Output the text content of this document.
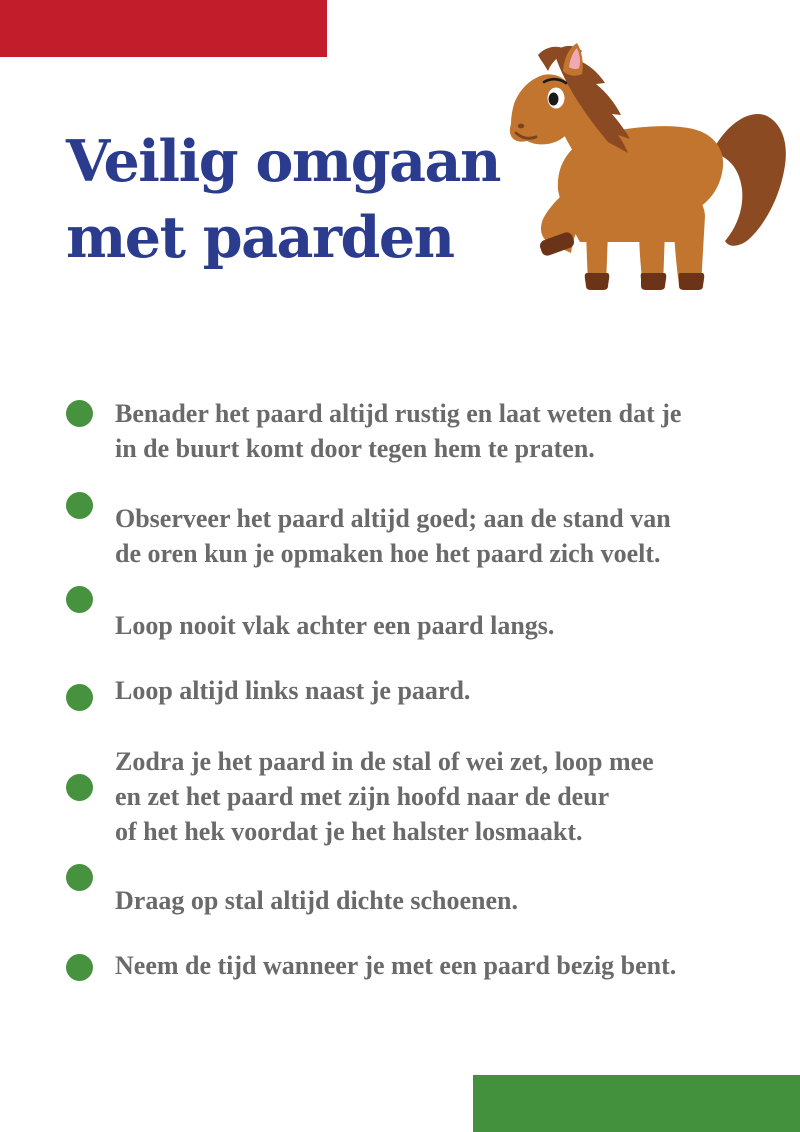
Veilig omgaan
met paarden
Benader het paard altijd rustig en laat weten dat je
in de buurt komt door tegen hem te praten.
Observeer het paard altijd goed; aan de stand van
de oren kun je opmaken hoe het paard zich voelt.
Loop nooit vlak achter een paard langs.
Loop altijd links naast je paard.
Zodra je het paard in de stal of wei zet, loop mee
en zet het paard met zijn hoofd naar de deur
of het hek voordat je het halster losmaakt.
Draag op stal altijd dichte schoenen.
Neem de tijd wanneer je met een paard bezig bent.
